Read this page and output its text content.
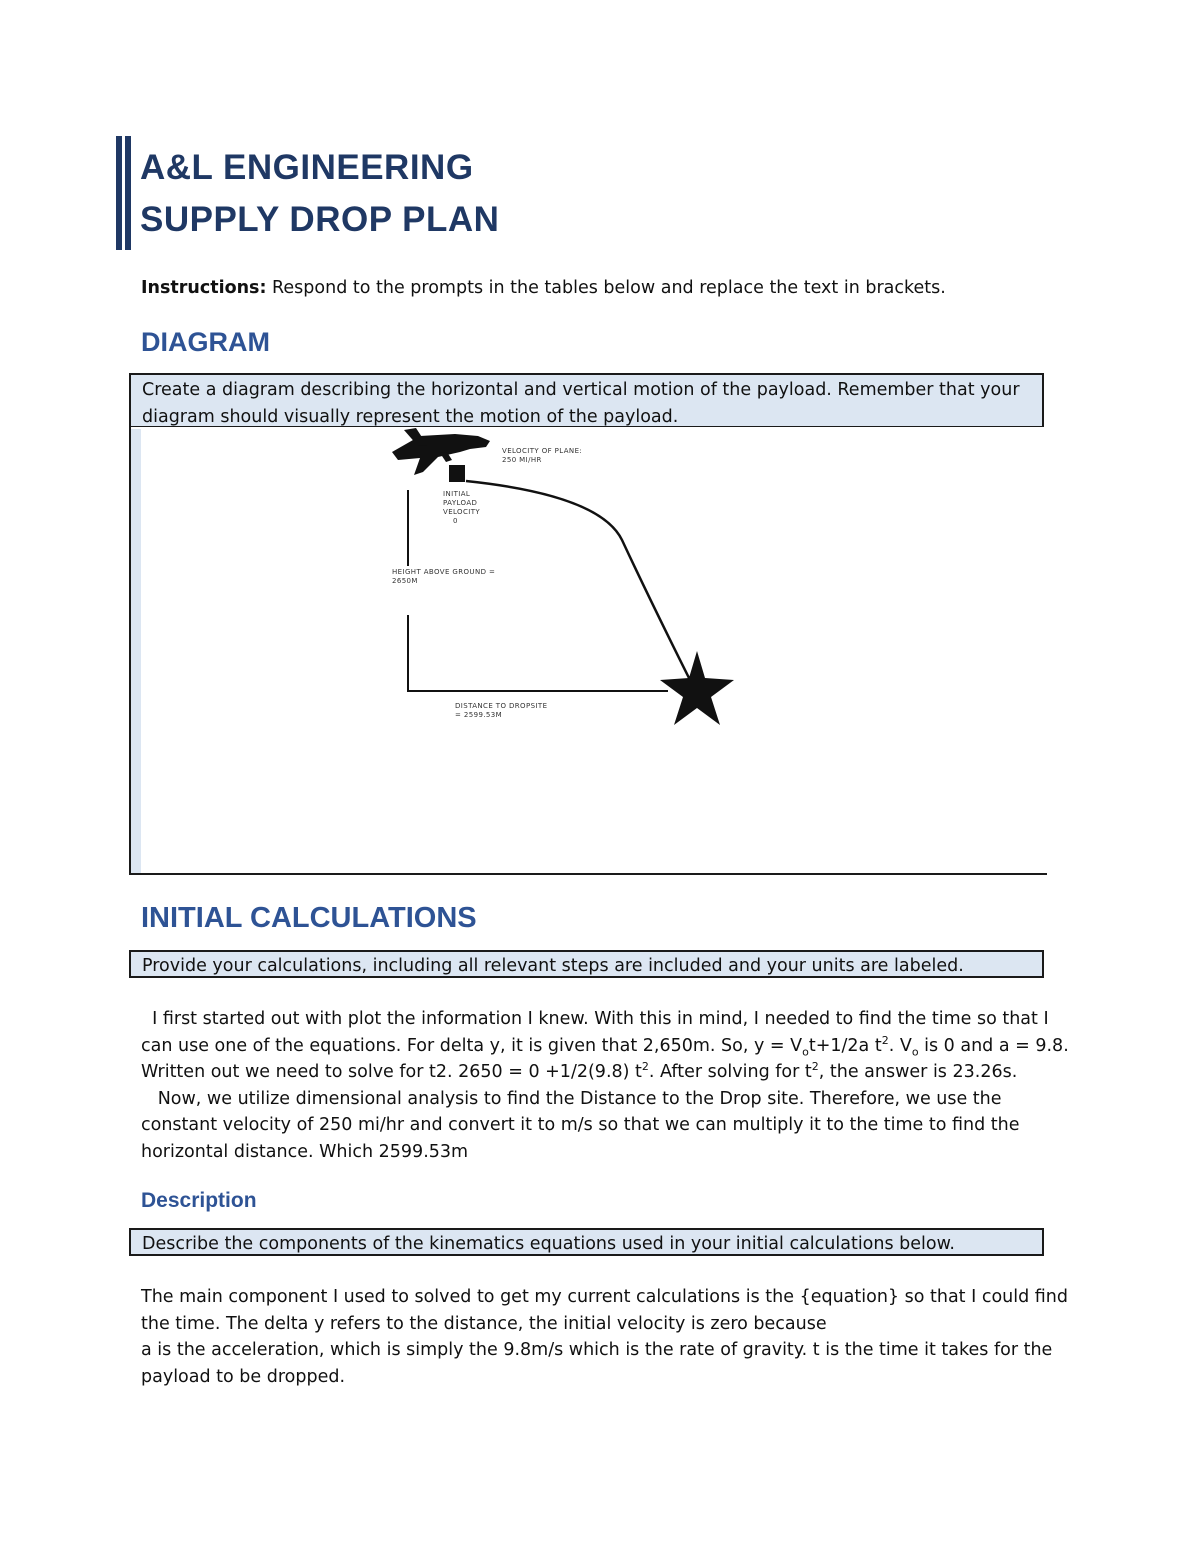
A&L ENGINEERING
SUPPLY DROP PLAN
Instructions: Respond to the prompts in the tables below and replace the text in brackets.
DIAGRAM
Create a diagram describing the horizontal and vertical motion of the payload. Remember that your
diagram should visually represent the motion of the payload.
VELOCITY OF PLANE:
250 MI/HR
INITIAL
PAYLOAD
VELOCITY
0
HEIGHT ABOVE GROUND =
2650M
DISTANCE TO DROPSITE
= 2599.53M
INITIAL CALCULATIONS
Provide your calculations, including all relevant steps are included and your units are labeled.
I first started out with plot the information I knew. With this in mind, I needed to find the time so that I
can use one of the equations. For delta y, it is given that 2,650m. So, $y = V_ot+1/2a$ $t^2$. $V_o$ is 0 and a = 9.8.
Written out we need to solve for t2. 2650 = 0 +1/2(9.8) $t^2$. After solving for $t^2$, the answer is 23.26s.
Now, we utilize dimensional analysis to find the Distance to the Drop site. Therefore, we use the
constant velocity of 250 mi/hr and convert it to m/s so that we can multiply it to the time to find the
horizontal distance. Which 2599.53m
Description
Describe the components of the kinematics equations used in your initial calculations below.
The main component I used to solved to get my current calculations is the {equation} so that I could find
the time. The delta y refers to the distance, the initial velocity is zero because
a is the acceleration, which is simply the 9.8m/s which is the rate of gravity. t is the time it takes for the
payload to be dropped.
